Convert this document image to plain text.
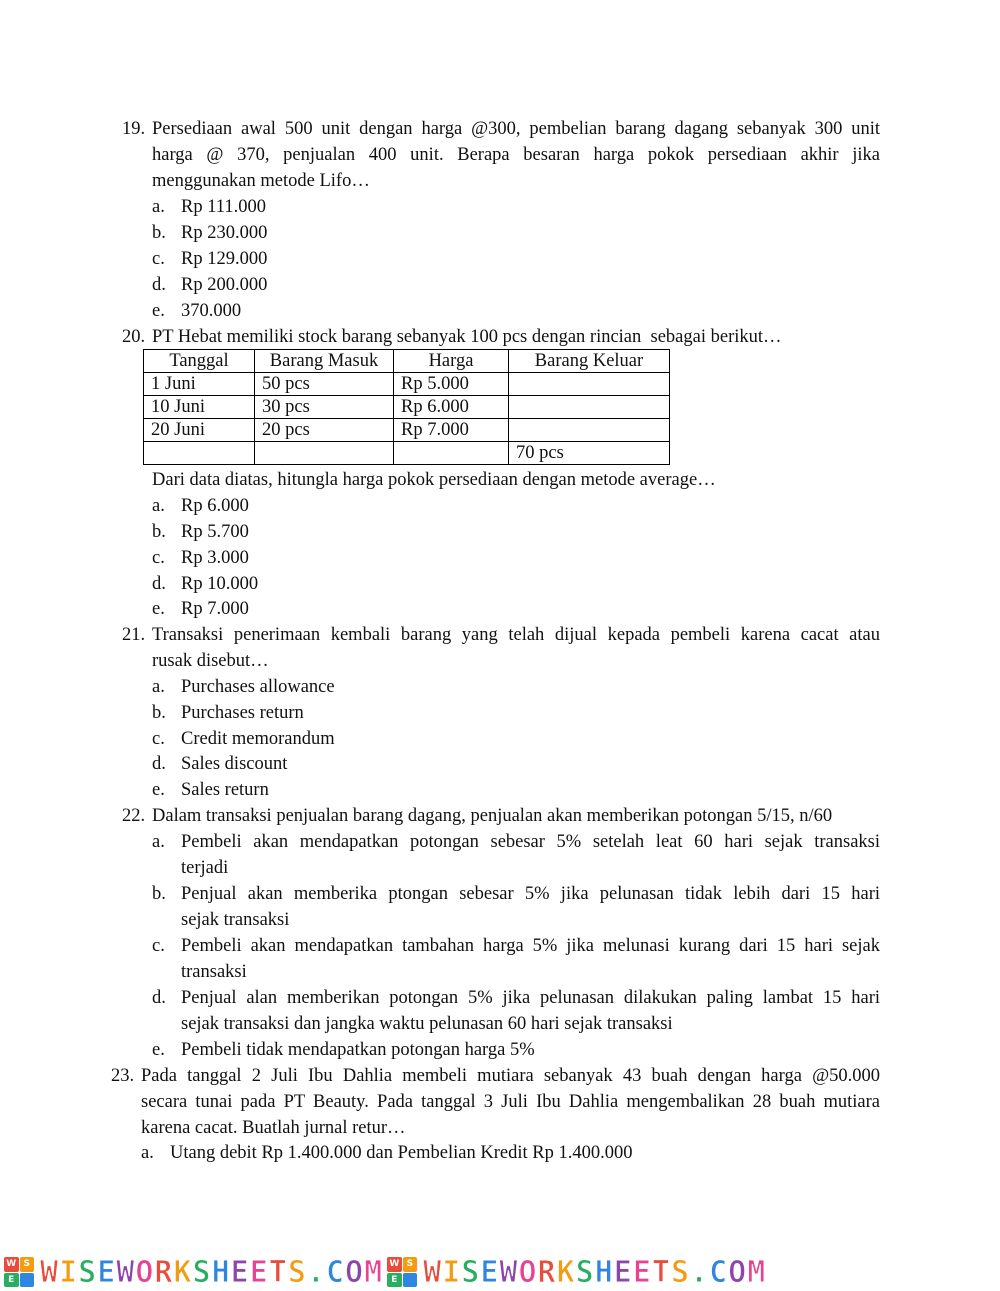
19. Persediaan awal 500 unit dengan harga @300, pembelian barang dagang sebanyak 300 unit
harga @ 370, penjualan 400 unit. Berapa besaran harga pokok persediaan akhir jika
menggunakan metode Lifo…
a. Rp 111.000
b. Rp 230.000
c. Rp 129.000
d. Rp 200.000
e. 370.000
20. PT Hebat memiliki stock barang sebanyak 100 pcs dengan rincian  sebagai berikut…
Tanggal	Barang Masuk	Harga	Barang Keluar
1 Juni	50 pcs	Rp 5.000	
10 Juni	30 pcs	Rp 6.000	
20 Juni	20 pcs	Rp 7.000	
			70 pcs
Dari data diatas, hitungla harga pokok persediaan dengan metode average…
a. Rp 6.000
b. Rp 5.700
c. Rp 3.000
d. Rp 10.000
e. Rp 7.000
21. Transaksi penerimaan kembali barang yang telah dijual kepada pembeli karena cacat atau
rusak disebut…
a. Purchases allowance
b. Purchases return
c. Credit memorandum
d. Sales discount
e. Sales return
22. Dalam transaksi penjualan barang dagang, penjualan akan memberikan potongan 5/15, n/60
a. Pembeli akan mendapatkan potongan sebesar 5% setelah leat 60 hari sejak transaksi
terjadi
b. Penjual akan memberika ptongan sebesar 5% jika pelunasan tidak lebih dari 15 hari
sejak transaksi
c. Pembeli akan mendapatkan tambahan harga 5% jika melunasi kurang dari 15 hari sejak
transaksi
d. Penjual alan memberikan potongan 5% jika pelunasan dilakukan paling lambat 15 hari
sejak transaksi dan jangka waktu pelunasan 60 hari sejak transaksi
e. Pembeli tidak mendapatkan potongan harga 5%
23. Pada tanggal 2 Juli Ibu Dahlia membeli mutiara sebanyak 43 buah dengan harga @50.000
secara tunai pada PT Beauty. Pada tanggal 3 Juli Ibu Dahlia mengembalikan 28 buah mutiara
karena cacat. Buatlah jurnal retur…
a. Utang debit Rp 1.400.000 dan Pembelian Kredit Rp 1.400.000
W S
E WISEWORKSHEETS.COM W S
E WISEWORKSHEETS.COM
